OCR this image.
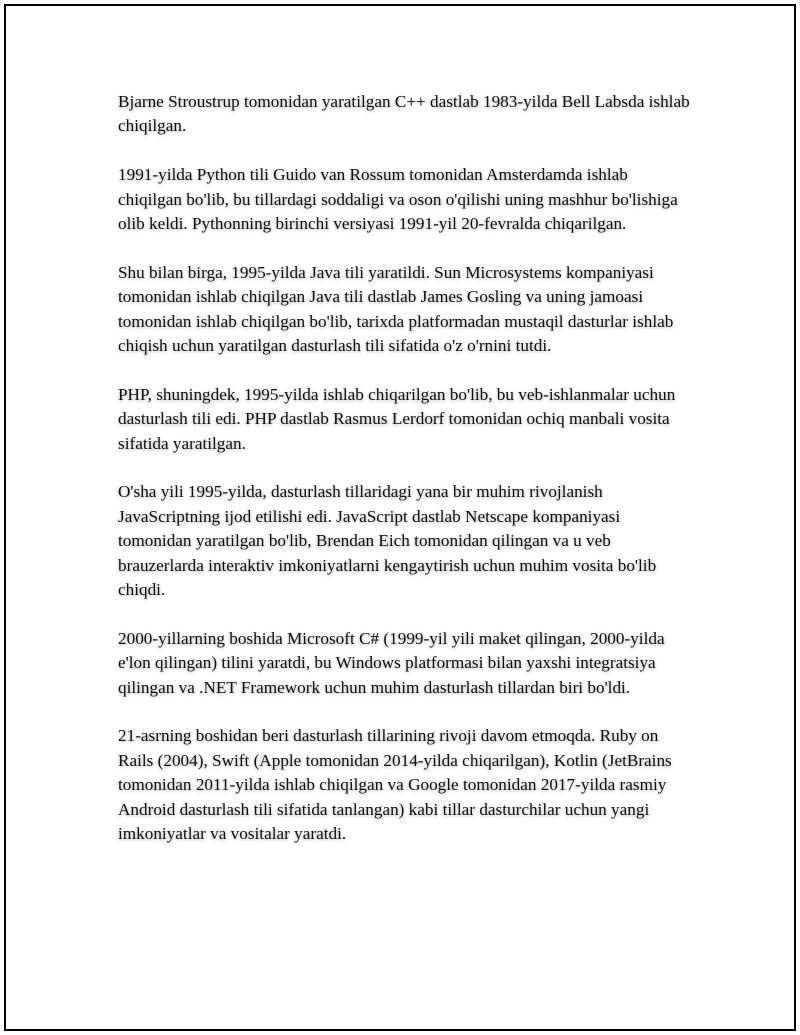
Bjarne Stroustrup tomonidan yaratilgan C++ dastlab 1983-yilda Bell Labsda ishlab chiqilgan.

1991-yilda Python tili Guido van Rossum tomonidan Amsterdamda ishlab chiqilgan bo'lib, bu tillardagi soddaligi va oson o'qilishi uning mashhur bo'lishiga olib keldi. Pythonning birinchi versiyasi 1991-yil 20-fevralda chiqarilgan.

Shu bilan birga, 1995-yilda Java tili yaratildi. Sun Microsystems kompaniyasi tomonidan ishlab chiqilgan Java tili dastlab James Gosling va uning jamoasi tomonidan ishlab chiqilgan bo'lib, tarixda platformadan mustaqil dasturlar ishlab chiqish uchun yaratilgan dasturlash tili sifatida o'z o'rnini tutdi.

PHP, shuningdek, 1995-yilda ishlab chiqarilgan bo'lib, bu veb-ishlanmalar uchun dasturlash tili edi. PHP dastlab Rasmus Lerdorf tomonidan ochiq manbali vosita sifatida yaratilgan.

O'sha yili 1995-yilda, dasturlash tillaridagi yana bir muhim rivojlanish JavaScriptning ijod etilishi edi. JavaScript dastlab Netscape kompaniyasi tomonidan yaratilgan bo'lib, Brendan Eich tomonidan qilingan va u veb brauzerlarda interaktiv imkoniyatlarni kengaytirish uchun muhim vosita bo'lib chiqdi.

2000-yillarning boshida Microsoft C# (1999-yil yili maket qilingan, 2000-yilda e'lon qilingan) tilini yaratdi, bu Windows platformasi bilan yaxshi integratsiya qilingan va .NET Framework uchun muhim dasturlash tillardan biri bo'ldi.

21-asrning boshidan beri dasturlash tillarining rivoji davom etmoqda. Ruby on Rails (2004), Swift (Apple tomonidan 2014-yilda chiqarilgan), Kotlin (JetBrains tomonidan 2011-yilda ishlab chiqilgan va Google tomonidan 2017-yilda rasmiy Android dasturlash tili sifatida tanlangan) kabi tillar dasturchilar uchun yangi imkoniyatlar va vositalar yaratdi.
